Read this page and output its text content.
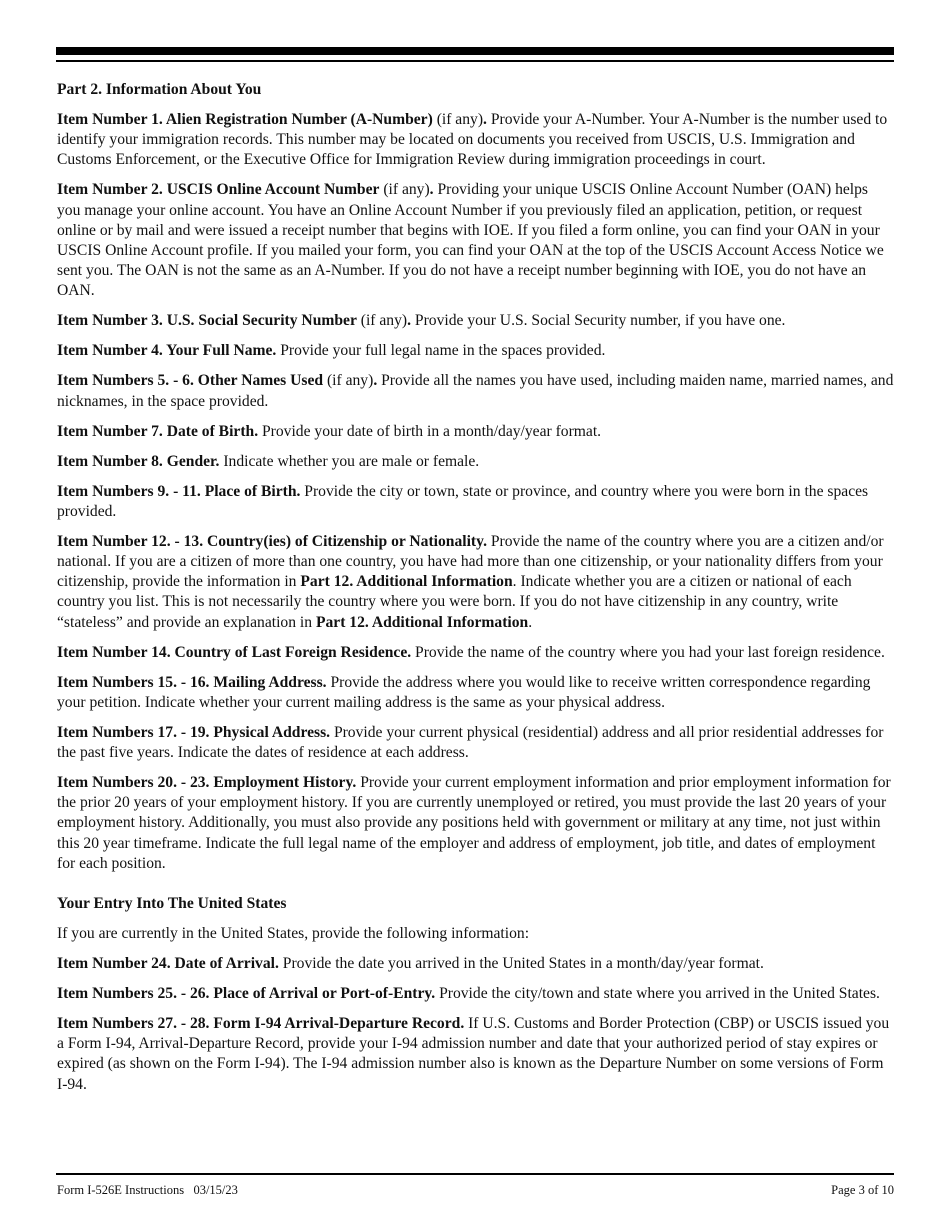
Part 2. Information About You

Item Number 1. Alien Registration Number (A-Number) (if any). Provide your A-Number. Your A-Number is the number used to identify your immigration records. This number may be located on documents you received from USCIS, U.S. Immigration and Customs Enforcement, or the Executive Office for Immigration Review during immigration proceedings in court.

Item Number 2. USCIS Online Account Number (if any). Providing your unique USCIS Online Account Number (OAN) helps you manage your online account. You have an Online Account Number if you previously filed an application, petition, or request online or by mail and were issued a receipt number that begins with IOE. If you filed a form online, you can find your OAN in your USCIS Online Account profile. If you mailed your form, you can find your OAN at the top of the USCIS Account Access Notice we sent you. The OAN is not the same as an A-Number. If you do not have a receipt number beginning with IOE, you do not have an OAN.

Item Number 3. U.S. Social Security Number (if any). Provide your U.S. Social Security number, if you have one.

Item Number 4. Your Full Name. Provide your full legal name in the spaces provided.

Item Numbers 5. - 6. Other Names Used (if any). Provide all the names you have used, including maiden name, married names, and nicknames, in the space provided.

Item Number 7. Date of Birth. Provide your date of birth in a month/day/year format.

Item Number 8. Gender. Indicate whether you are male or female.

Item Numbers 9. - 11. Place of Birth. Provide the city or town, state or province, and country where you were born in the spaces provided.

Item Number 12. - 13. Country(ies) of Citizenship or Nationality. Provide the name of the country where you are a citizen and/or national. If you are a citizen of more than one country, you have had more than one citizenship, or your nationality differs from your citizenship, provide the information in Part 12. Additional Information. Indicate whether you are a citizen or national of each country you list. This is not necessarily the country where you were born. If you do not have citizenship in any country, write “stateless” and provide an explanation in Part 12. Additional Information.

Item Number 14. Country of Last Foreign Residence. Provide the name of the country where you had your last foreign residence.

Item Numbers 15. - 16. Mailing Address. Provide the address where you would like to receive written correspondence regarding your petition. Indicate whether your current mailing address is the same as your physical address.

Item Numbers 17. - 19. Physical Address. Provide your current physical (residential) address and all prior residential addresses for the past five years. Indicate the dates of residence at each address.

Item Numbers 20. - 23. Employment History. Provide your current employment information and prior employment information for the prior 20 years of your employment history. If you are currently unemployed or retired, you must provide the last 20 years of your employment history. Additionally, you must also provide any positions held with government or military at any time, not just within this 20 year timeframe. Indicate the full legal name of the employer and address of employment, job title, and dates of employment for each position.

Your Entry Into The United States

If you are currently in the United States, provide the following information:

Item Number 24. Date of Arrival. Provide the date you arrived in the United States in a month/day/year format.

Item Numbers 25. - 26. Place of Arrival or Port-of-Entry. Provide the city/town and state where you arrived in the United States.

Item Numbers 27. - 28. Form I-94 Arrival-Departure Record. If U.S. Customs and Border Protection (CBP) or USCIS issued you a Form I-94, Arrival-Departure Record, provide your I-94 admission number and date that your authorized period of stay expires or expired (as shown on the Form I-94). The I-94 admission number also is known as the Departure Number on some versions of Form I-94.

Form I-526E Instructions   03/15/23	Page 3 of 10
